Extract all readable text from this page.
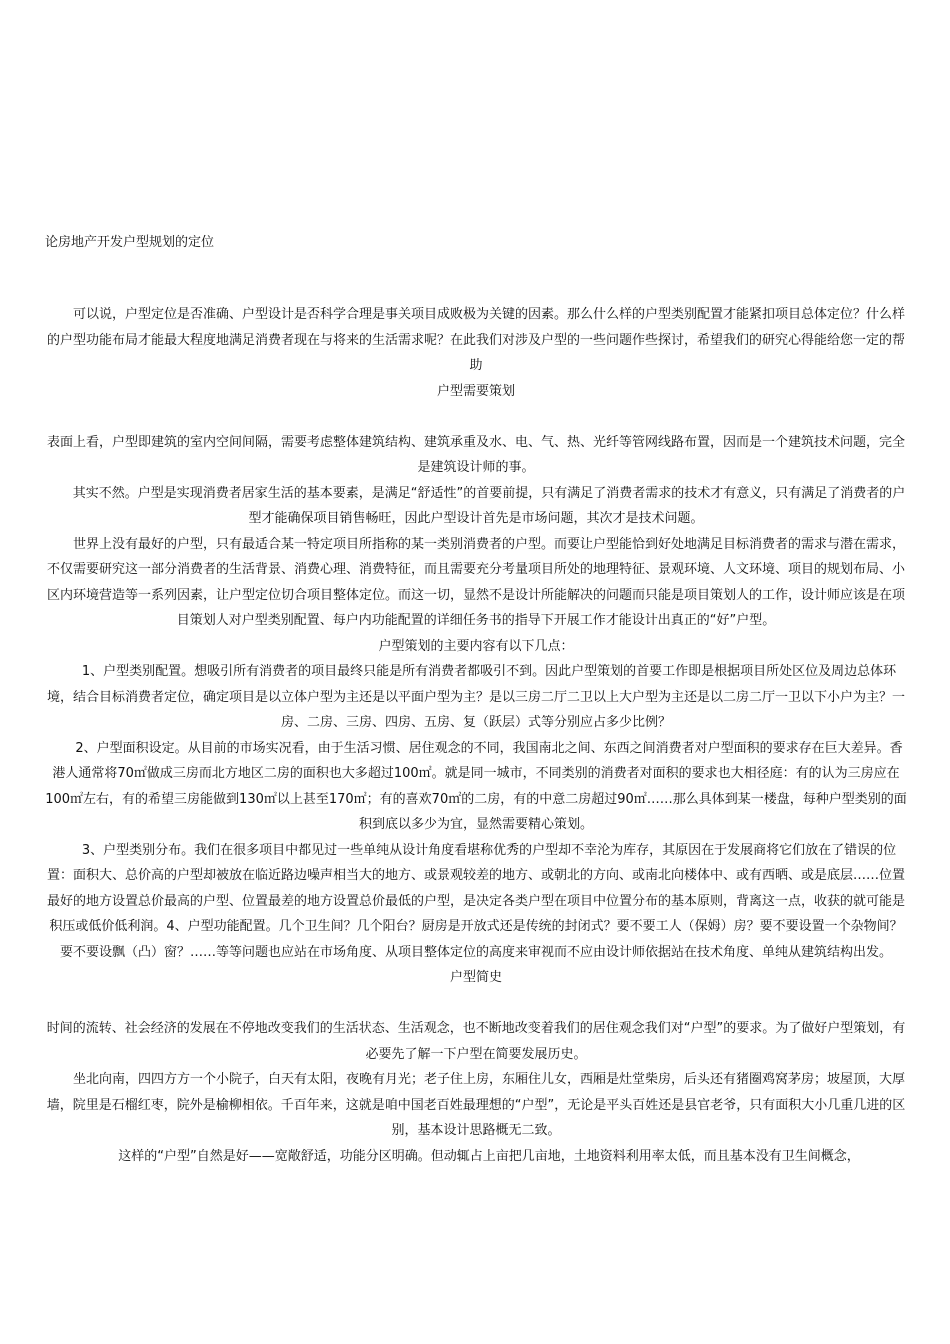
论房地产开发户型规划的定位

可以说，户型定位是否准确、户型设计是否科学合理是事关项目成败极为关键的因素。那么什么样的户型类别配置才能紧扣项目总体定位？什么样的户型功能布局才能最大程度地满足消费者现在与将来的生活需求呢？在此我们对涉及户型的一些问题作些探讨，希望我们的研究心得能给您一定的帮助

户型需要策划

表面上看，户型即建筑的室内空间间隔，需要考虑整体建筑结构、建筑承重及水、电、气、热、光纤等管网线路布置，因而是一个建筑技术问题，完全是建筑设计师的事。

其实不然。户型是实现消费者居家生活的基本要素，是满足“舒适性”的首要前提，只有满足了消费者需求的技术才有意义，只有满足了消费者的户型才能确保项目销售畅旺，因此户型设计首先是市场问题，其次才是技术问题。

世界上没有最好的户型，只有最适合某一特定项目所指称的某一类别消费者的户型。而要让户型能恰到好处地满足目标消费者的需求与潜在需求，不仅需要研究这一部分消费者的生活背景、消费心理、消费特征，而且需要充分考量项目所处的地理特征、景观环境、人文环境、项目的规划布局、小区内环境营造等一系列因素，让户型定位切合项目整体定位。而这一切，显然不是设计所能解决的问题而只能是项目策划人的工作，设计师应该是在项目策划人对户型类别配置、每户内功能配置的详细任务书的指导下开展工作才能设计出真正的“好”户型。

户型策划的主要内容有以下几点：

1、户型类别配置。想吸引所有消费者的项目最终只能是所有消费者都吸引不到。因此户型策划的首要工作即是根据项目所处区位及周边总体环境，结合目标消费者定位，确定项目是以立体户型为主还是以平面户型为主？是以三房二厅二卫以上大户型为主还是以二房二厅一卫以下小户为主？一房、二房、三房、四房、五房、复（跃层）式等分别应占多少比例？

2、户型面积设定。从目前的市场实况看，由于生活习惯、居住观念的不同，我国南北之间、东西之间消费者对户型面积的要求存在巨大差异。香港人通常将70㎡做成三房而北方地区二房的面积也大多超过100㎡。就是同一城市，不同类别的消费者对面积的要求也大相径庭：有的认为三房应在100㎡左右，有的希望三房能做到130㎡以上甚至170㎡；有的喜欢70㎡的二房，有的中意二房超过90㎡……那么具体到某一楼盘，每种户型类别的面积到底以多少为宜，显然需要精心策划。

3、户型类别分布。我们在很多项目中都见过一些单纯从设计角度看堪称优秀的户型却不幸沦为库存，其原因在于发展商将它们放在了错误的位置：面积大、总价高的户型却被放在临近路边噪声相当大的地方、或景观较差的地方、或朝北的方向、或南北向楼体中、或有西晒、或是底层……位置最好的地方设置总价最高的户型、位置最差的地方设置总价最低的户型，是决定各类户型在项目中位置分布的基本原则，背离这一点，收获的就可能是积压或低价低利润。4、户型功能配置。几个卫生间？几个阳台？厨房是开放式还是传统的封闭式？要不要工人（保姆）房？要不要设置一个杂物间？要不要设飘（凸）窗？……等等问题也应站在市场角度、从项目整体定位的高度来审视而不应由设计师依据站在技术角度、单纯从建筑结构出发。

户型简史

时间的流转、社会经济的发展在不停地改变我们的生活状态、生活观念，也不断地改变着我们的居住观念我们对“户型”的要求。为了做好户型策划，有必要先了解一下户型在简要发展历史。

坐北向南，四四方方一个小院子，白天有太阳，夜晚有月光；老子住上房，东厢住儿女，西厢是灶堂柴房，后头还有猪圈鸡窝茅房；坡屋顶，大厚墙，院里是石榴红枣，院外是榆柳相依。千百年来，这就是咱中国老百姓最理想的“户型”，无论是平头百姓还是县官老爷，只有面积大小几重几进的区别，基本设计思路概无二致。

这样的“户型”自然是好——宽敞舒适，功能分区明确。但动辄占上亩把几亩地，土地资料利用率太低，而且基本没有卫生间概念，
